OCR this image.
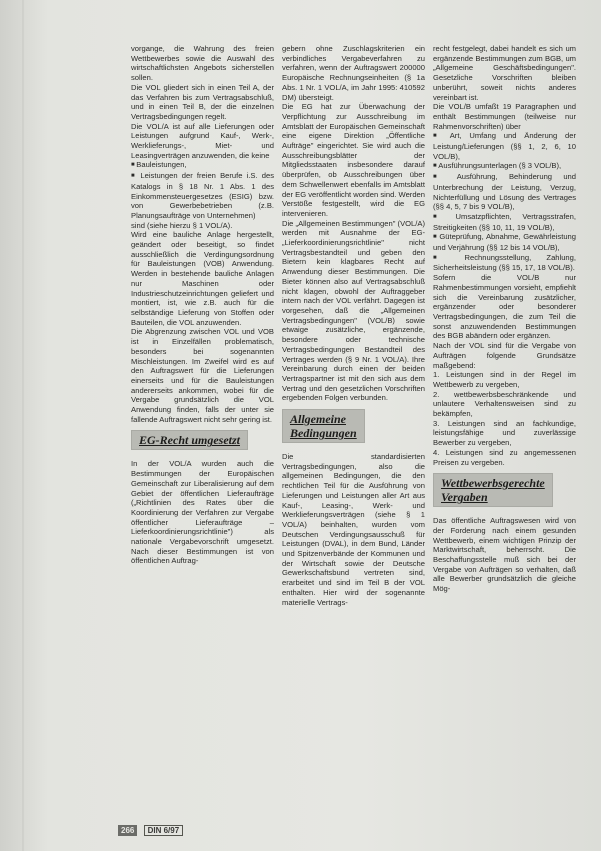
vorgange, die Wahrung des freien Wettbewerbes sowie die Auswahl des wirtschaftlichsten Angebots sicherstellen sollen.

Die VOL gliedert sich in einen Teil A, der das Verfahren bis zum Vertragsabschluß, und in einen Teil B, der die einzelnen Vertragsbedingungen regelt.

Die VOL/A ist auf alle Lieferungen oder Leistungen aufgrund Kauf-, Werk-, Werklieferungs-, Miet- und Leasingverträgen anzuwenden, die keine

■ Bauleistungen,

■ Leistungen der freien Berufe i.S. des Katalogs in § 18 Nr. 1 Abs. 1 des Einkommensteuergesetzes (ESIG) bzw. von Gewerbebetrieben (z.B. Planungsaufträge von Unternehmen)

sind (siehe hierzu § 1 VOL/A).

Wird eine bauliche Anlage hergestellt, geändert oder beseitigt, so findet ausschließlich die Verdingungsordnung für Bauleistungen (VOB) Anwendung. Werden in bestehende bauliche Anlagen nur Maschinen oder Industrieschutzeinrichtungen geliefert und montiert, ist, wie z.B. auch für die selbständige Lieferung von Stoffen oder Bauteilen, die VOL anzuwenden.

Die Abgrenzung zwischen VOL und VOB ist in Einzelfällen problematisch, besonders bei sogenannten Mischleistungen. Im Zweifel wird es auf den Auftragswert für die Lieferungen einerseits und für die Bauleistungen andererseits ankommen, wobei für die Vergabe grundsätzlich die VOL Anwendung finden, falls der unter sie fallende Auftragswert nicht sehr gering ist.

EG-Recht umgesetzt

In der VOL/A wurden auch die Bestimmungen der Europäischen Gemeinschaft zur Liberalisierung auf dem Gebiet der öffentlichen Lieferaufträge („Richtlinien des Rates über die Koordinierung der Verfahren zur Vergabe öffentlicher Lieferaufträge – Lieferkoordinierungsrichtlinie") als nationale Vergabevorschrift umgesetzt. Nach dieser Bestimmungen ist von öffentlichen Auftrag-

gebern ohne Zuschlagskriterien ein verbindliches Vergabeverfahren zu verfahren, wenn der Auftragswert 200000 Europäische Rechnungseinheiten (§ 1a Abs. 1 Nr. 1 VOL/A, im Jahr 1995: 410592 DM) übersteigt.

Die EG hat zur Überwachung der Verpflichtung zur Ausschreibung im Amtsblatt der Europäischen Gemeinschaft eine eigene Direktion „Öffentliche Aufträge" eingerichtet. Sie wird auch die Ausschreibungsblätter der Mitgliedsstaaten insbesondere darauf überprüfen, ob Ausschreibungen über dem Schwellenwert ebenfalls im Amtsblatt der EG veröffentlicht worden sind. Werden Verstöße festgestellt, wird die EG intervenieren.

Die „Allgemeinen Bestimmungen" (VOL/A) werden mit Ausnahme der EG-„Lieferkoordinierungsrichtlinie" nicht Vertragsbestandteil und geben den Bietern kein klagbares Recht auf Anwendung dieser Bestimmungen. Die Bieter können also auf Vertragsabschluß nicht klagen, obwohl der Auftraggeber intern nach der VOL verfährt. Dagegen ist vorgesehen, daß die „Allgemeinen Vertragsbedingungen" (VOL/B) sowie etwaige zusätzliche, ergänzende, besondere oder technische Vertragsbedingungen Bestandteil des Vertrages werden (§ 9 Nr. 1 VOL/A). Ihre Vereinbarung durch einen der beiden Vertragspartner ist mit den sich aus dem Vertrag und den gesetzlichen Vorschriften ergebenden Folgen verbunden.

Allgemeine
Bedingungen

Die standardisierten Vertragsbedingungen, also die allgemeinen Bedingungen, die den rechtlichen Teil für die Ausführung von Lieferungen und Leistungen aller Art aus Kauf-, Leasing-, Werk- und Werklieferungsverträgen (siehe § 1 VOL/A) beinhalten, wurden vom Deutschen Verdingungsausschuß für Leistungen (DVAL), in dem Bund, Länder und Spitzenverbände der Kommunen und der Wirtschaft sowie der Deutsche Gewerkschaftsbund vertreten sind, erarbeitet und sind im Teil B der VOL enthalten. Hier wird der sogenannte materielle Vertrags-

recht festgelegt, dabei handelt es sich um ergänzende Bestimmungen zum BGB, um „Allgemeine Geschäftsbedingungen". Gesetzliche Vorschriften bleiben unberührt, soweit nichts anderes vereinbart ist.

Die VOL/B umfaßt 19 Paragraphen und enthält Bestimmungen (teilweise nur Rahmenvorschriften) über

■ Art, Umfang und Änderung der Leistung/Lieferungen (§§ 1, 2, 6, 10 VOL/B),

■ Ausführungsunterlagen (§ 3 VOL/B),

■ Ausführung, Behinderung und Unterbrechung der Leistung, Verzug, Nichterfüllung und Lösung des Vertrages (§§ 4, 5, 7 bis 9 VOL/B),

■ Umsatzpflichten, Vertragsstrafen, Streitigkeiten (§§ 10, 11, 19 VOL/B),

■ Güteprüfung, Abnahme, Gewährleistung und Verjährung (§§ 12 bis 14 VOL/B),

■ Rechnungsstellung, Zahlung, Sicherheitsleistung (§§ 15, 17, 18 VOL/B).

Sofern die VOL/B nur Rahmenbestimmungen vorsieht, empfiehlt sich die Vereinbarung zusätzlicher, ergänzender oder besonderer Vertragsbedingungen, die zum Teil die sonst anzuwendenden Bestimmungen des BGB abändern oder ergänzen.

Nach der VOL sind für die Vergabe von Aufträgen folgende Grundsätze maßgebend:

1. Leistungen sind in der Regel im Wettbewerb zu vergeben,

2. wettbewerbsbeschränkende und unlautere Verhaltensweisen sind zu bekämpfen,

3. Leistungen sind an fachkundige, leistungsfähige und zuverlässige Bewerber zu vergeben,

4. Leistungen sind zu angemessenen Preisen zu vergeben.

Wettbewerbsgerechte
Vergaben

Das öffentliche Auftragswesen wird von der Forderung nach einem gesunden Wettbewerb, einem wichtigen Prinzip der Marktwirtschaft, beherrscht. Die Beschaffungsstelle muß sich bei der Vergabe von Aufträgen so verhalten, daß alle Bewerber grundsätzlich die gleiche Mög-

266 DIN 6/97
